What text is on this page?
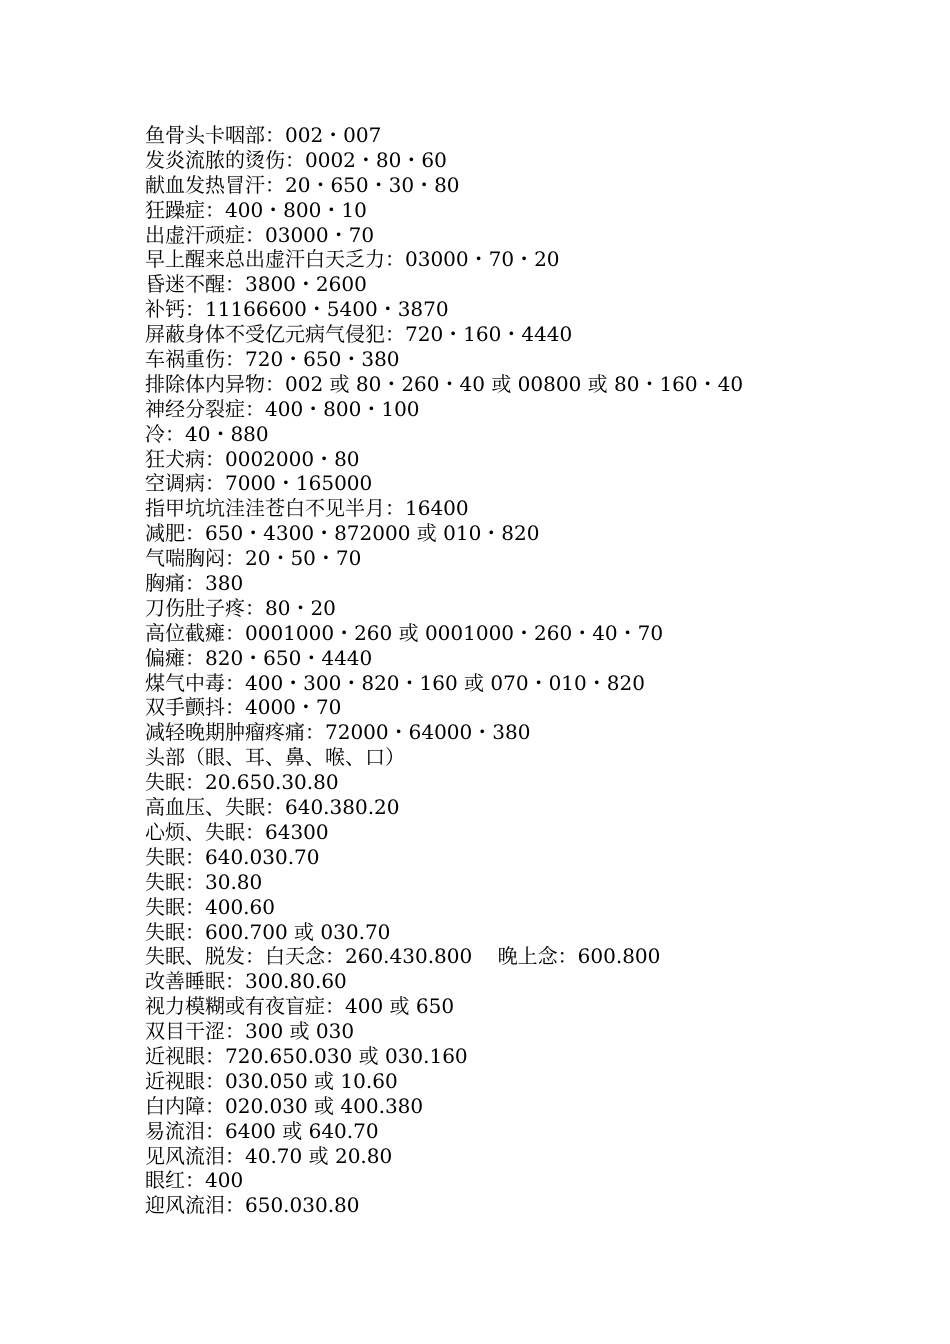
鱼骨头卡咽部：002・007
发炎流脓的烫伤：0002・80・60
献血发热冒汗：20・650・30・80
狂躁症：400・800・10
出虚汗顽症：03000・70
早上醒来总出虚汗白天乏力：03000・70・20
昏迷不醒：3800・2600
补钙：11166600・5400・3870
屏蔽身体不受亿元病气侵犯：720・160・4440
车祸重伤：720・650・380
排除体内异物：002 或 80・260・40 或 00800 或 80・160・40
神经分裂症：400・800・100
冷：40・880
狂犬病：0002000・80
空调病：7000・165000
指甲坑坑洼洼苍白不见半月：16400
减肥：650・4300・872000 或 010・820
气喘胸闷：20・50・70
胸痛：380
刀伤肚子疼：80・20
高位截瘫：0001000・260 或 0001000・260・40・70
偏瘫：820・650・4440
煤气中毒：400・300・820・160 或 070・010・820
双手颤抖：4000・70
减轻晚期肿瘤疼痛：72000・64000・380
头部（眼、耳、鼻、喉、口）
失眠：20.650.30.80
高血压、失眠：640.380.20
心烦、失眠：64300
失眠：640.030.70
失眠：30.80
失眠：400.60
失眠：600.700 或 030.70
失眠、脱发：白天念：260.430.800    晚上念：600.800
改善睡眠：300.80.60
视力模糊或有夜盲症：400 或 650
双目干涩：300 或 030
近视眼：720.650.030 或 030.160
近视眼：030.050 或 10.60
白内障：020.030 或 400.380
易流泪：6400 或 640.70
见风流泪：40.70 或 20.80
眼红：400
迎风流泪：650.030.80
